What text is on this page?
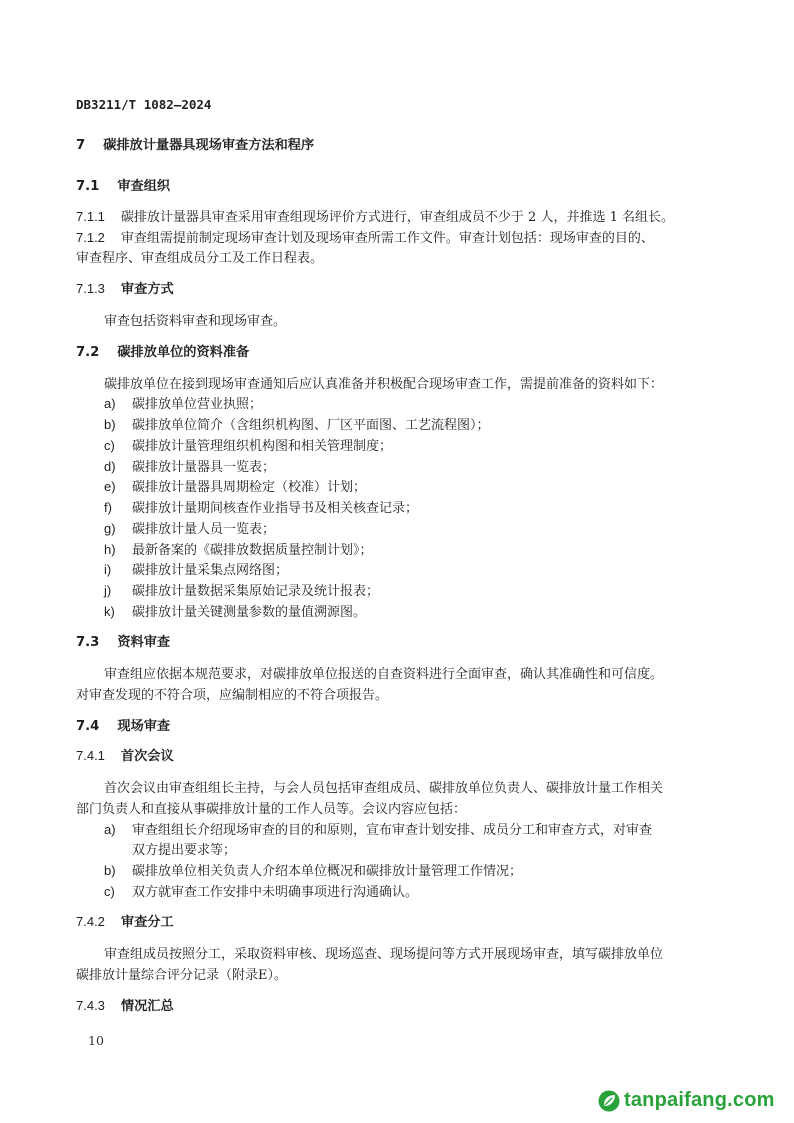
DB3211/T 1082—2024
7 碳排放计量器具现场审查方法和程序
7.1 审查组织
7.1.1 碳排放计量器具审查采用审查组现场评价方式进行，审查组成员不少于 2 人，并推选 1 名组长。
7.1.2 审查组需提前制定现场审查计划及现场审查所需工作文件。审查计划包括：现场审查的目的、
审查程序、审查组成员分工及工作日程表。
7.1.3 审查方式
审查包括资料审查和现场审查。
7.2 碳排放单位的资料准备
碳排放单位在接到现场审查通知后应认真准备并积极配合现场审查工作，需提前准备的资料如下：
a) 碳排放单位营业执照；
b) 碳排放单位简介（含组织机构图、厂区平面图、工艺流程图）；
c) 碳排放计量管理组织机构图和相关管理制度；
d) 碳排放计量器具一览表；
e) 碳排放计量器具周期检定（校准）计划；
f) 碳排放计量期间核查作业指导书及相关核查记录；
g) 碳排放计量人员一览表；
h) 最新备案的《碳排放数据质量控制计划》；
i) 碳排放计量采集点网络图；
j) 碳排放计量数据采集原始记录及统计报表；
k) 碳排放计量关键测量参数的量值溯源图。
7.3 资料审查
审查组应依据本规范要求，对碳排放单位报送的自查资料进行全面审查，确认其准确性和可信度。
对审查发现的不符合项，应编制相应的不符合项报告。
7.4 现场审查
7.4.1 首次会议
首次会议由审查组组长主持，与会人员包括审查组成员、碳排放单位负责人、碳排放计量工作相关
部门负责人和直接从事碳排放计量的工作人员等。会议内容应包括：
a) 审查组组长介绍现场审查的目的和原则，宣布审查计划安排、成员分工和审查方式，对审查
双方提出要求等；
b) 碳排放单位相关负责人介绍本单位概况和碳排放计量管理工作情况；
c) 双方就审查工作安排中未明确事项进行沟通确认。
7.4.2 审查分工
审查组成员按照分工，采取资料审核、现场巡查、现场提问等方式开展现场审查，填写碳排放单位
碳排放计量综合评分记录（附录E）。
7.4.3 情况汇总
10
tanpaifang.com
